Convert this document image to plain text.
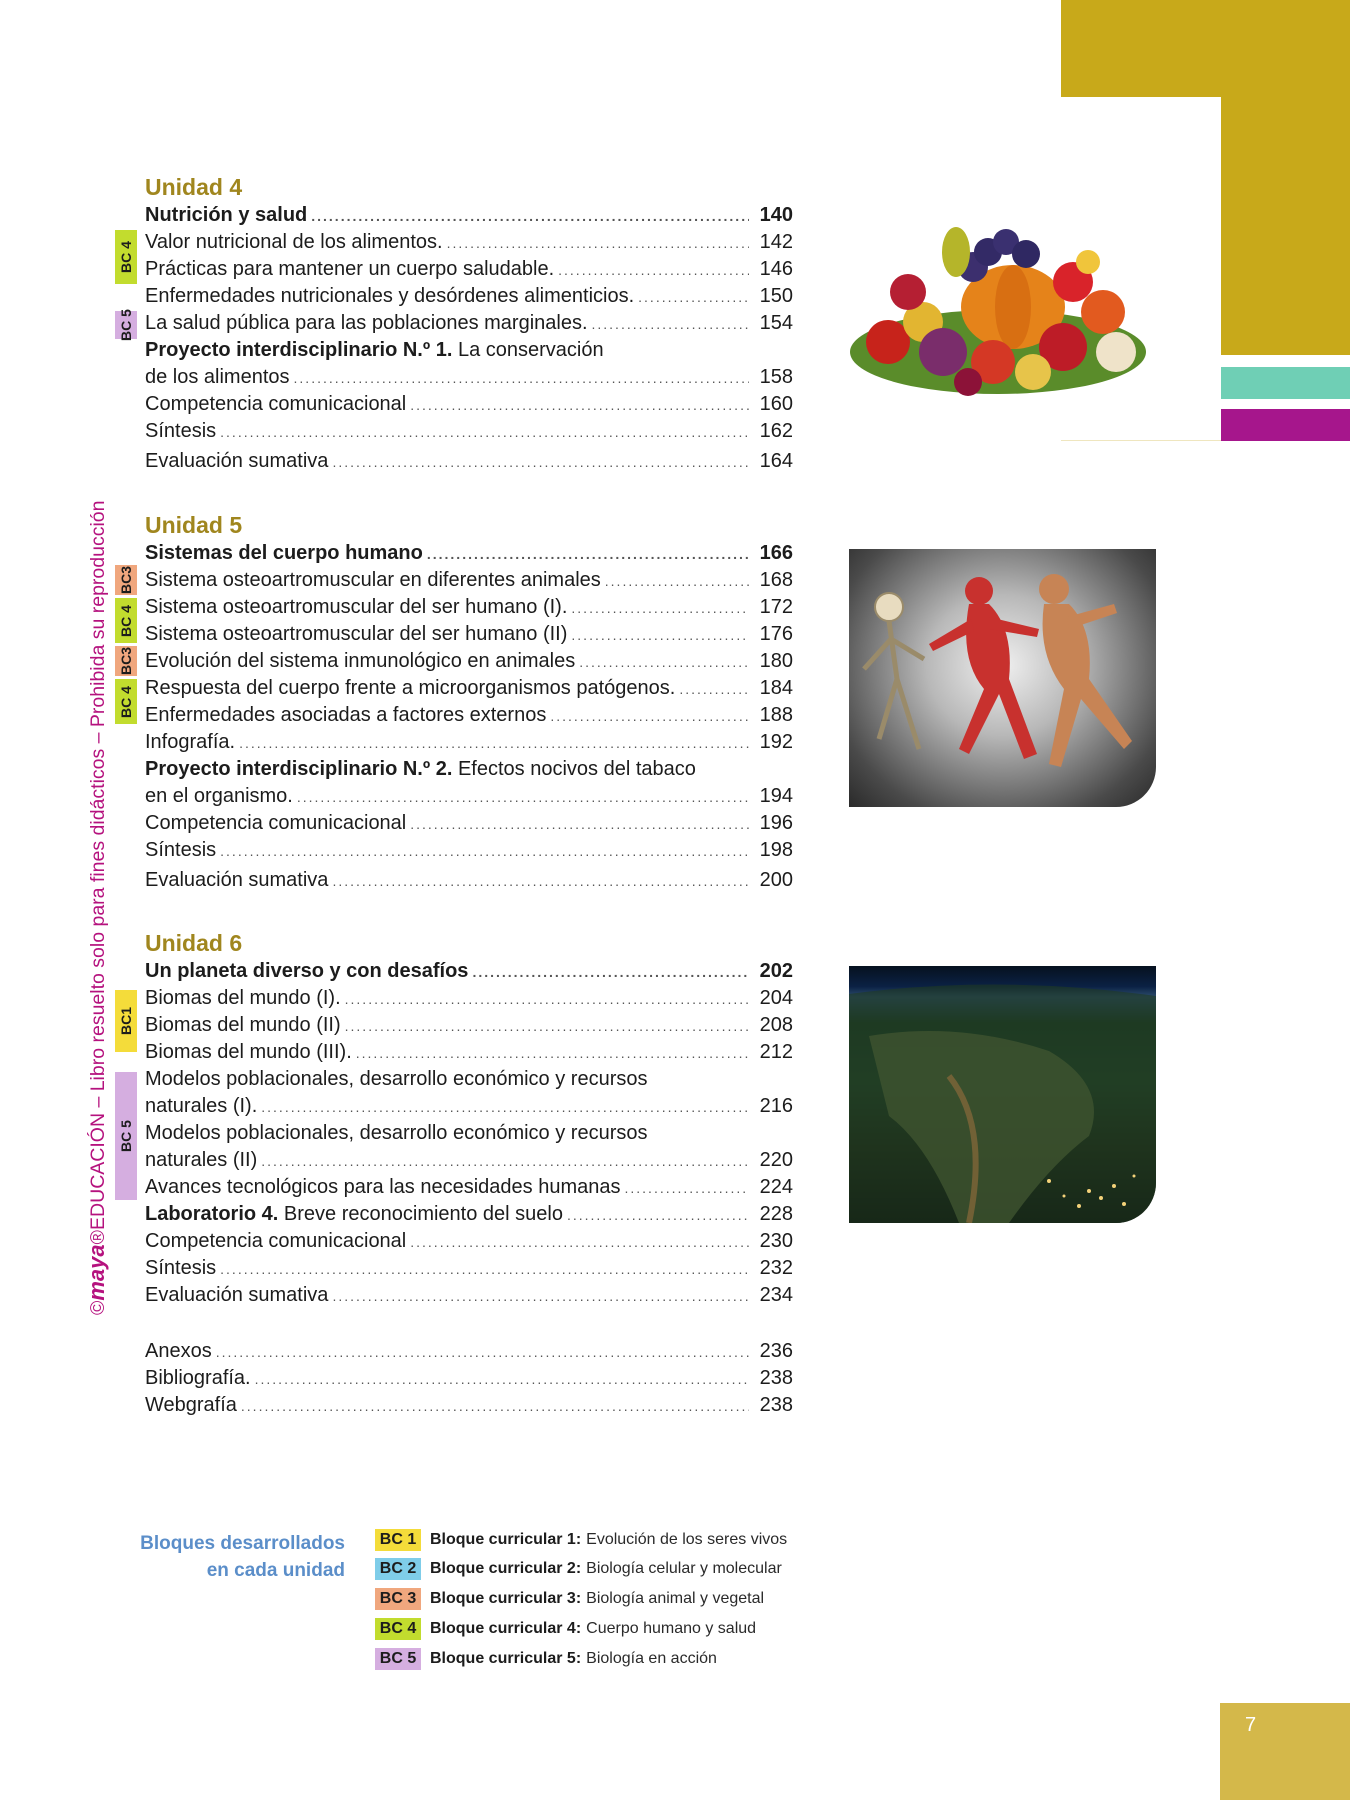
©maya®EDUCACIÓN – Libro resuelto solo para fines didácticos – Prohibida su reproducción
Unidad 4
Nutrición y salud .....	140
Valor nutricional de los alimentos. .....	142
Prácticas para mantener un cuerpo saludable. .....	146
Enfermedades nutricionales y desórdenes alimenticios. .....	150
La salud pública para las poblaciones marginales. .....	154
Proyecto interdisciplinario N.º 1. La conservación
de los alimentos .....	158
Competencia comunicacional .....	160
Síntesis .....	162
Evaluación sumativa .....	164
BC 4
BC 5
Unidad 5
Sistemas del cuerpo humano .....	166
Sistema osteoartromuscular en diferentes animales .....	168
Sistema osteoartromuscular del ser humano (I). .....	172
Sistema osteoartromuscular del ser humano (II) .....	176
Evolución del sistema inmunológico en animales .....	180
Respuesta del cuerpo frente a microorganismos patógenos. .....	184
Enfermedades asociadas a factores externos .....	188
Infografía. .....	192
Proyecto interdisciplinario N.º 2. Efectos nocivos del tabaco
en el organismo. .....	194
Competencia comunicacional .....	196
Síntesis .....	198
Evaluación sumativa .....	200
BC3
BC 4
BC3
BC 4
Unidad 6
Un planeta diverso y con desafíos .....	202
Biomas del mundo (I). .....	204
Biomas del mundo (II) .....	208
Biomas del mundo (III). .....	212
Modelos poblacionales, desarrollo económico y recursos
naturales (I). .....	216
Modelos poblacionales, desarrollo económico y recursos
naturales (II) .....	220
Avances tecnológicos para las necesidades humanas .....	224
Laboratorio 4. Breve reconocimiento del suelo .....	228
Competencia comunicacional .....	230
Síntesis .....	232
Evaluación sumativa .....	234
BC1
BC 5
Anexos .....	236
Bibliografía. .....	238
Webgrafía .....	238
Bloques desarrollados
en cada unidad
BC 1 Bloque curricular 1: Evolución de los seres vivos
BC 2 Bloque curricular 2: Biología celular y molecular
BC 3 Bloque curricular 3: Biología animal y vegetal
BC 4 Bloque curricular 4: Cuerpo humano y salud
BC 5 Bloque curricular 5: Biología en acción
7
